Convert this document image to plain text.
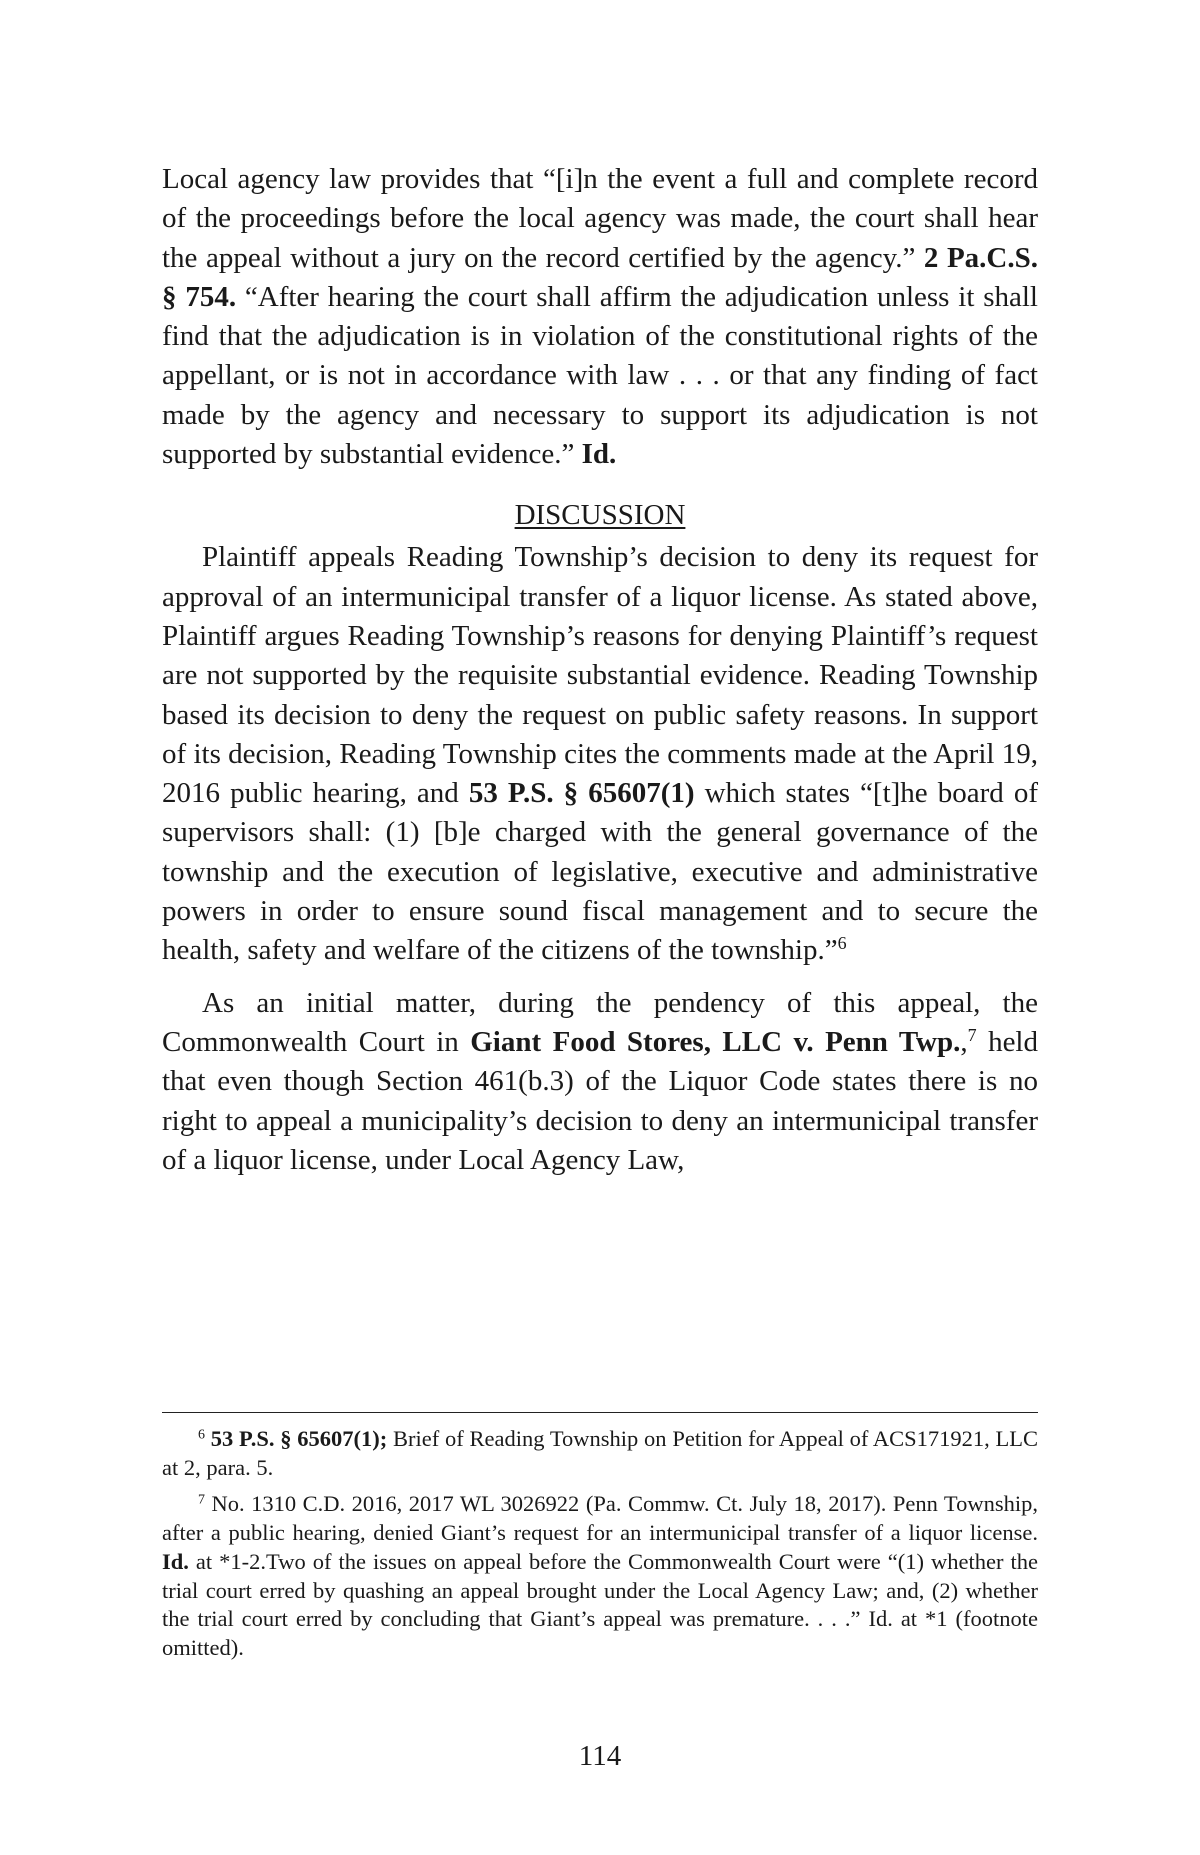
Local agency law provides that “[i]n the event a full and complete record of the proceedings before the local agency was made, the court shall hear the appeal without a jury on the record certified by the agency.” 2 Pa.C.S. § 754. “After hearing the court shall affirm the adjudication unless it shall find that the adjudication is in violation of the constitutional rights of the appellant, or is not in accordance with law . . . or that any finding of fact made by the agency and necessary to support its adjudication is not supported by substantial evidence.” Id.

DISCUSSION

Plaintiff appeals Reading Township’s decision to deny its request for approval of an intermunicipal transfer of a liquor license. As stated above, Plaintiff argues Reading Township’s reasons for denying Plaintiff’s request are not supported by the requisite substantial evidence. Reading Township based its decision to deny the request on public safety reasons. In support of its decision, Reading Township cites the comments made at the April 19, 2016 public hearing, and 53 P.S. § 65607(1) which states “[t]he board of supervisors shall: (1) [b]e charged with the general governance of the township and the execution of legislative, executive and administrative powers in order to ensure sound fiscal management and to secure the health, safety and welfare of the citizens of the township.”$^6$

As an initial matter, during the pendency of this appeal, the Commonwealth Court in Giant Food Stores, LLC v. Penn Twp.,$^7$ held that even though Section 461(b.3) of the Liquor Code states there is no right to appeal a municipality’s decision to deny an intermunicipal transfer of a liquor license, under Local Agency Law,

$^6$ 53 P.S. § 65607(1); Brief of Reading Township on Petition for Appeal of ACS171921, LLC at 2, para. 5.

$^7$ No. 1310 C.D. 2016, 2017 WL 3026922 (Pa. Commw. Ct. July 18, 2017). Penn Township, after a public hearing, denied Giant’s request for an intermunicipal transfer of a liquor license. Id. at *1-2.Two of the issues on appeal before the Commonwealth Court were “(1) whether the trial court erred by quashing an appeal brought under the Local Agency Law; and, (2) whether the trial court erred by concluding that Giant’s appeal was premature. . . .” Id. at *1 (footnote omitted).

114
